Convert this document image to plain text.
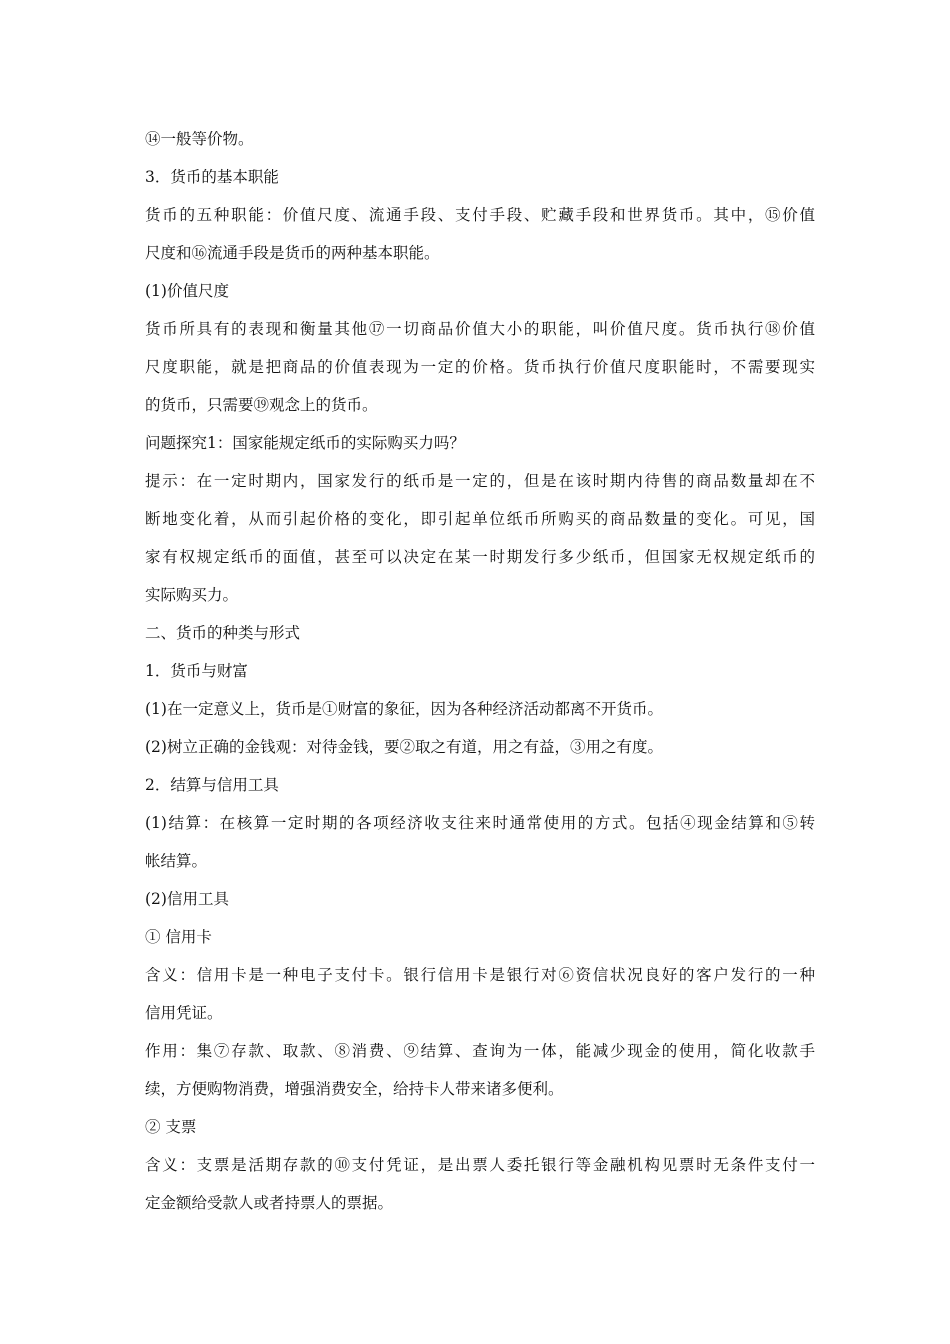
⑭一般等价物。
3．货币的基本职能
货币的五种职能：价值尺度、流通手段、支付手段、贮藏手段和世界货币。其中，⑮价值
尺度和⑯流通手段是货币的两种基本职能。
(1)价值尺度
货币所具有的表现和衡量其他⑰一切商品价值大小的职能，叫价值尺度。货币执行⑱价值
尺度职能，就是把商品的价值表现为一定的价格。货币执行价值尺度职能时，不需要现实
的货币，只需要⑲观念上的货币。
问题探究1：国家能规定纸币的实际购买力吗？
提示：在一定时期内，国家发行的纸币是一定的，但是在该时期内待售的商品数量却在不
断地变化着，从而引起价格的变化，即引起单位纸币所购买的商品数量的变化。可见，国
家有权规定纸币的面值，甚至可以决定在某一时期发行多少纸币，但国家无权规定纸币的
实际购买力。
二、货币的种类与形式
1．货币与财富
(1)在一定意义上，货币是①财富的象征，因为各种经济活动都离不开货币。
(2)树立正确的金钱观：对待金钱，要②取之有道，用之有益，③用之有度。
2．结算与信用工具
(1)结算：在核算一定时期的各项经济收支往来时通常使用的方式。包括④现金结算和⑤转
帐结算。
(2)信用工具
① 信用卡
含义：信用卡是一种电子支付卡。银行信用卡是银行对⑥资信状况良好的客户发行的一种
信用凭证。
作用：集⑦存款、取款、⑧消费、⑨结算、查询为一体，能减少现金的使用，简化收款手
续，方便购物消费，增强消费安全，给持卡人带来诸多便利。
② 支票
含义：支票是活期存款的⑩支付凭证，是出票人委托银行等金融机构见票时无条件支付一
定金额给受款人或者持票人的票据。
